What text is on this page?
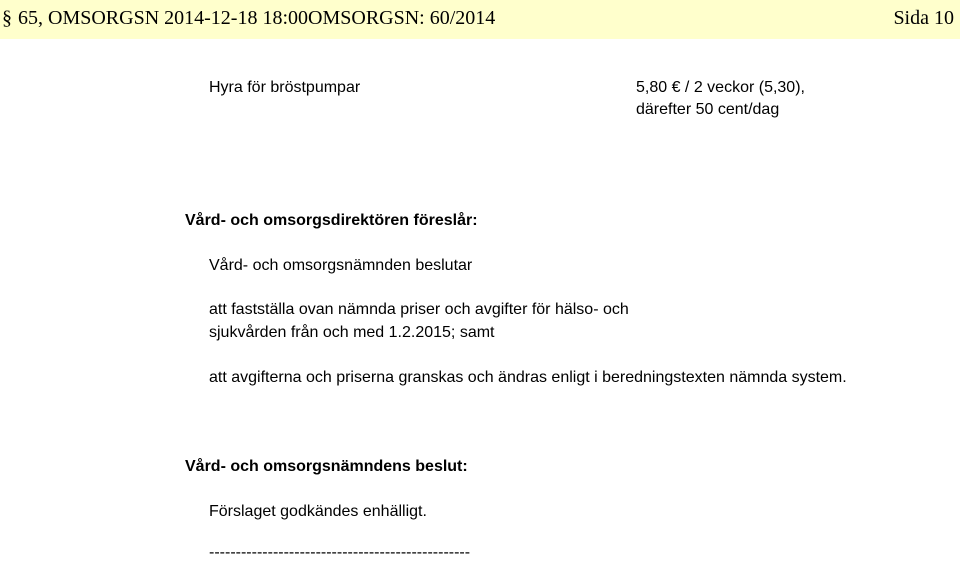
§ 65, OMSORGSN 2014-12-18 18:00OMSORGSN: 60/2014	Sida 10
Hyra för bröstpumpar	5,80 € / 2 veckor (5,30),
därefter 50 cent/dag
Vård- och omsorgsdirektören föreslår:
Vård- och omsorgsnämnden beslutar
att fastställa ovan nämnda priser och avgifter för hälso- och sjukvården från och med 1.2.2015; samt
att avgifterna och priserna granskas och ändras enligt i beredningstexten nämnda system.
Vård- och omsorgsnämndens beslut:
Förslaget godkändes enhälligt.
-------------------------------------------------
